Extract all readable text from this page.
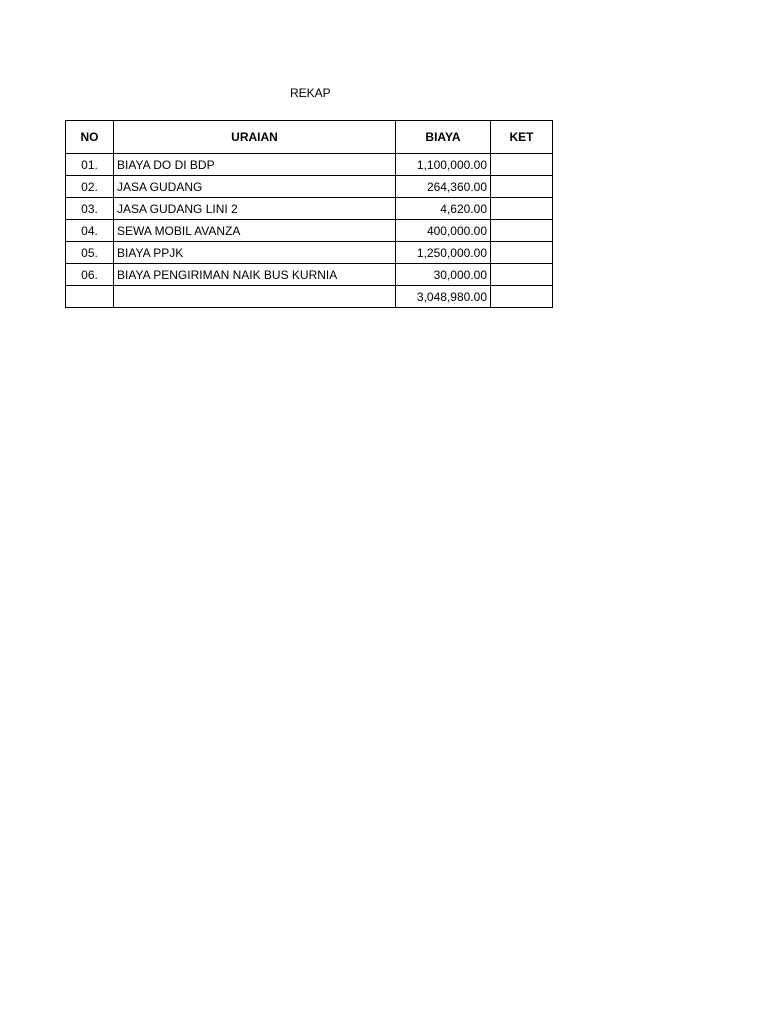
REKAP
NO	URAIAN	BIAYA	KET
01.	BIAYA DO DI BDP	1,100,000.00	
02.	JASA GUDANG	264,360.00	
03.	JASA GUDANG LINI 2	4,620.00	
04.	SEWA MOBIL AVANZA	400,000.00	
05.	BIAYA PPJK	1,250,000.00	
06.	BIAYA PENGIRIMAN NAIK BUS KURNIA	30,000.00	
		3,048,980.00	
